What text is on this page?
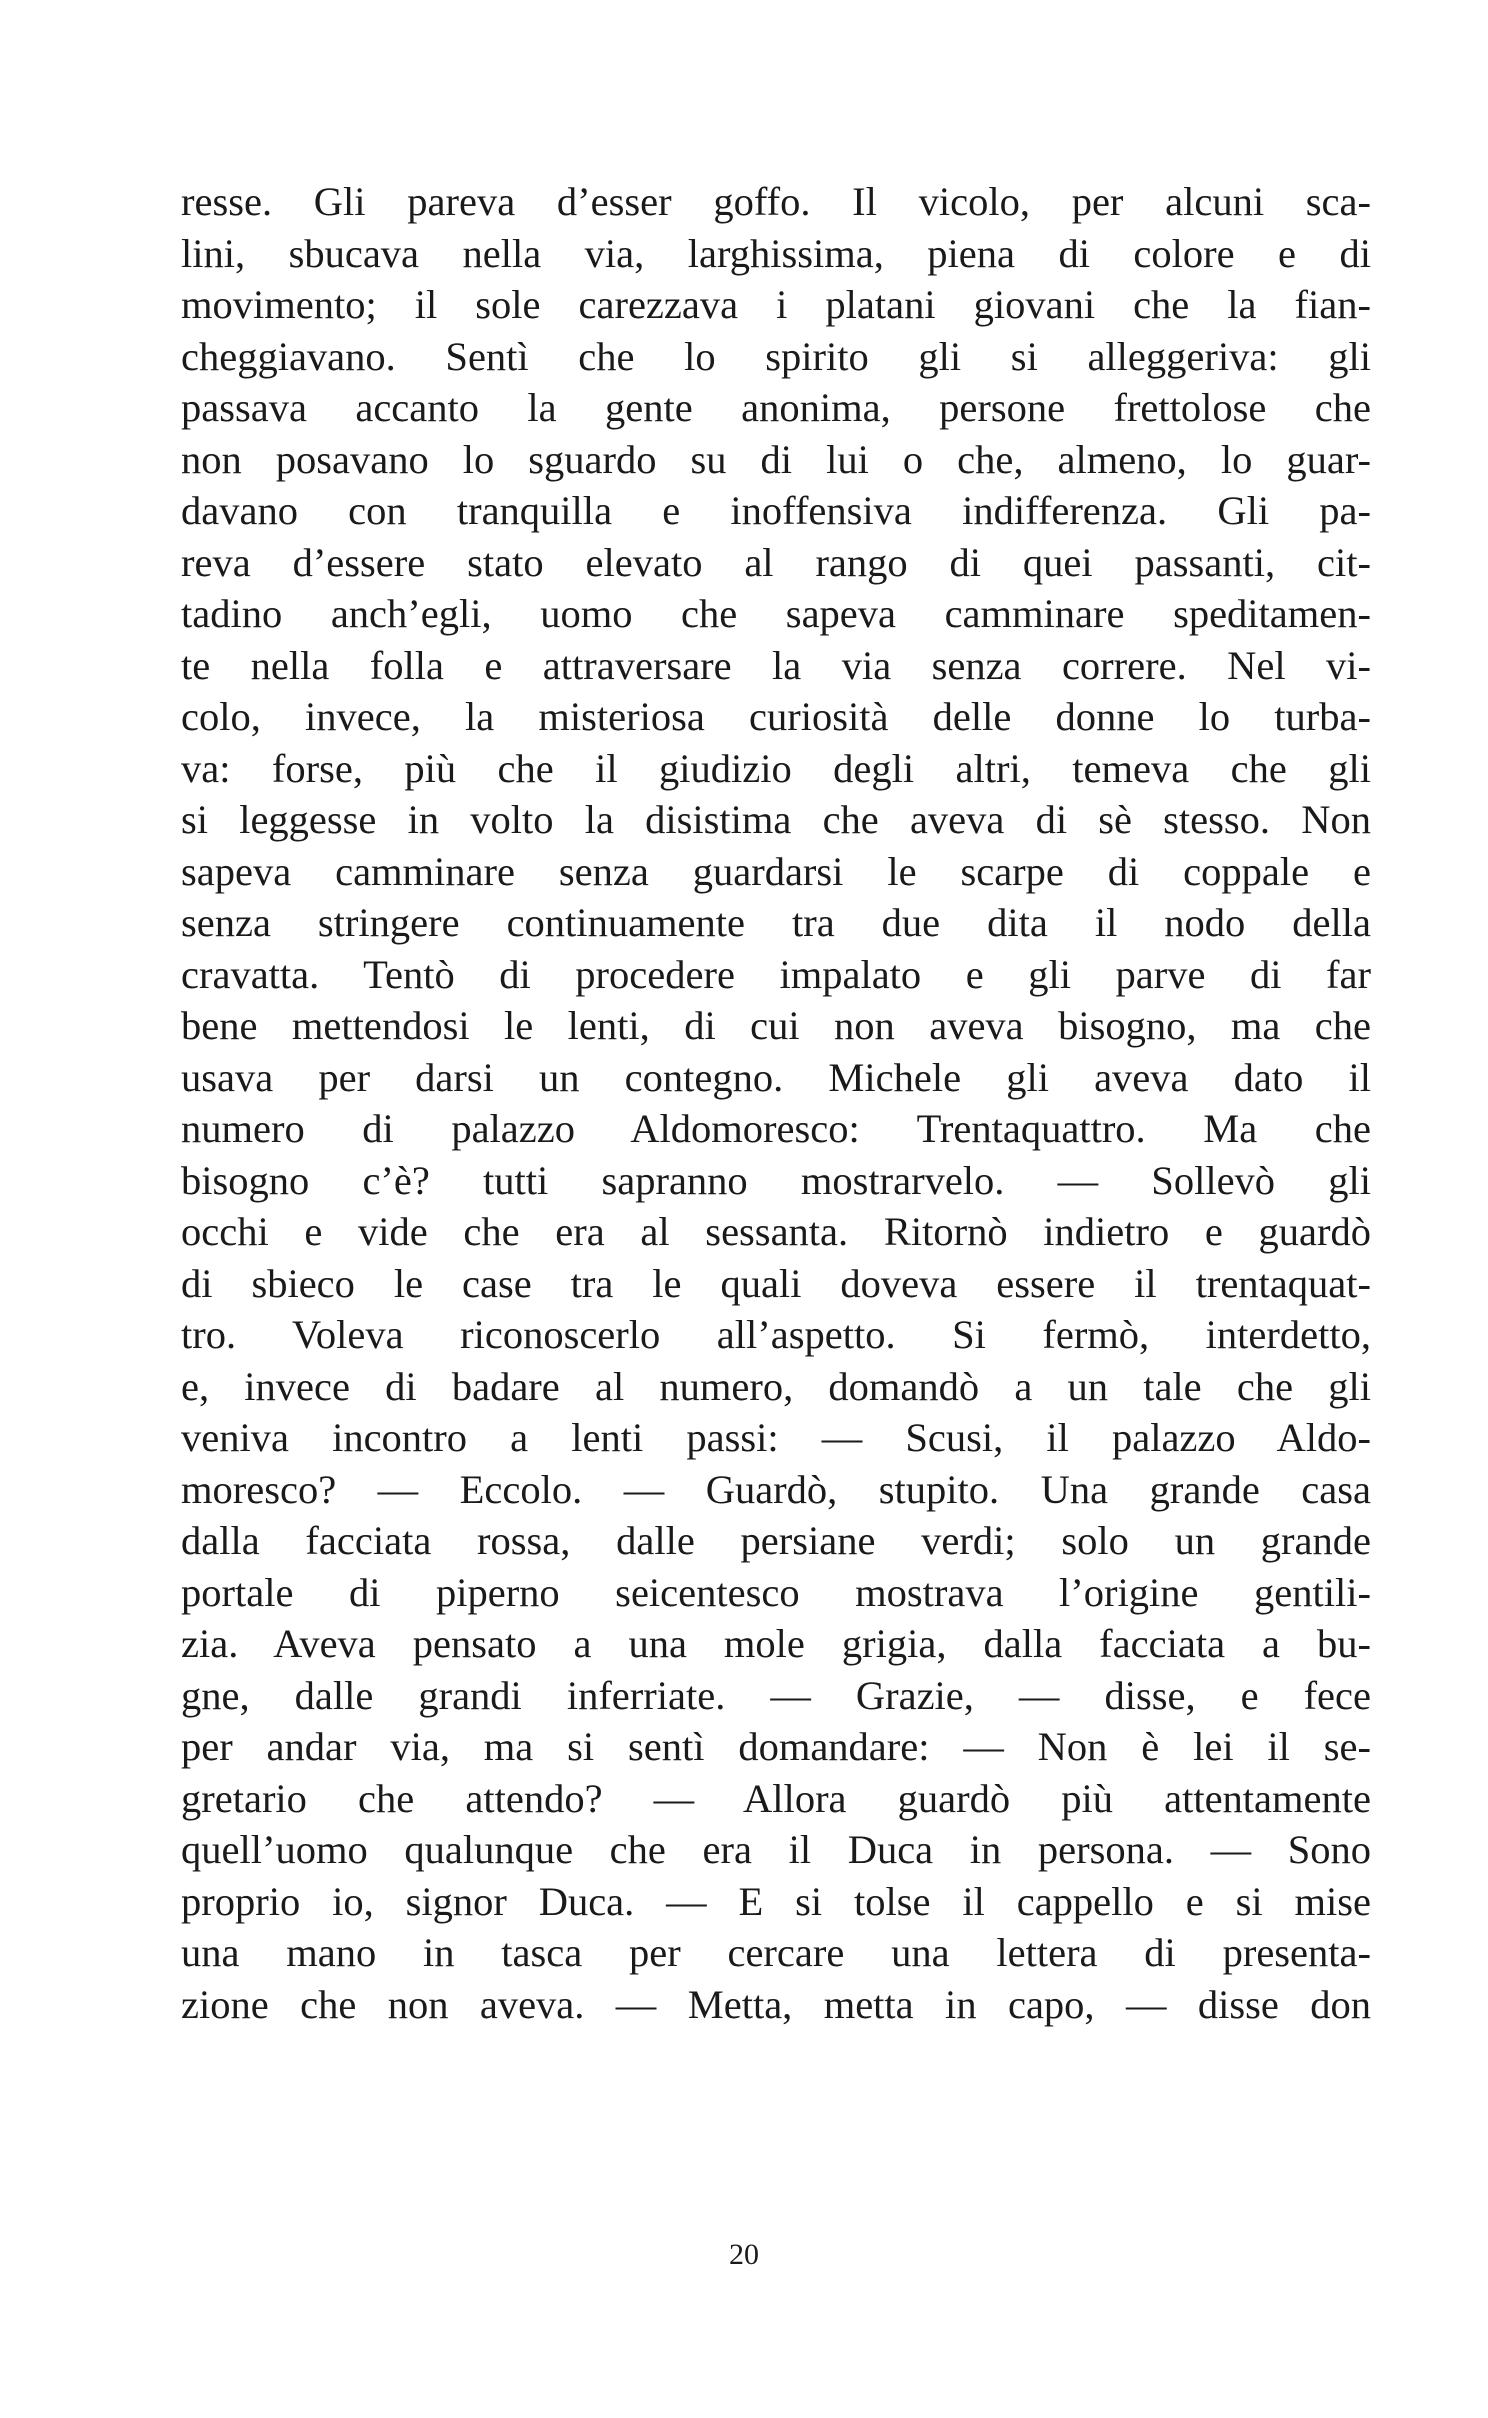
resse. Gli pareva d’esser goffo. Il vicolo, per alcuni sca-
lini, sbucava nella via, larghissima, piena di colore e di
movimento; il sole carezzava i platani giovani che la fian-
cheggiavano. Sentì che lo spirito gli si alleggeriva: gli
passava accanto la gente anonima, persone frettolose che
non posavano lo sguardo su di lui o che, almeno, lo guar-
davano con tranquilla e inoffensiva indifferenza. Gli pa-
reva d’essere stato elevato al rango di quei passanti, cit-
tadino anch’egli, uomo che sapeva camminare speditamen-
te nella folla e attraversare la via senza correre. Nel vi-
colo, invece, la misteriosa curiosità delle donne lo turba-
va: forse, più che il giudizio degli altri, temeva che gli
si leggesse in volto la disistima che aveva di sè stesso. Non
sapeva camminare senza guardarsi le scarpe di coppale e
senza stringere continuamente tra due dita il nodo della
cravatta. Tentò di procedere impalato e gli parve di far
bene mettendosi le lenti, di cui non aveva bisogno, ma che
usava per darsi un contegno. Michele gli aveva dato il
numero di palazzo Aldomoresco: Trentaquattro. Ma che
bisogno c’è? tutti sapranno mostrarvelo. — Sollevò gli
occhi e vide che era al sessanta. Ritornò indietro e guardò
di sbieco le case tra le quali doveva essere il trentaquat-
tro. Voleva riconoscerlo all’aspetto. Si fermò, interdetto,
e, invece di badare al numero, domandò a un tale che gli
veniva incontro a lenti passi: — Scusi, il palazzo Aldo-
moresco? — Eccolo. — Guardò, stupito. Una grande casa
dalla facciata rossa, dalle persiane verdi; solo un grande
portale di piperno seicentesco mostrava l’origine gentili-
zia. Aveva pensato a una mole grigia, dalla facciata a bu-
gne, dalle grandi inferriate. — Grazie, — disse, e fece
per andar via, ma si sentì domandare: — Non è lei il se-
gretario che attendo? — Allora guardò più attentamente
quell’uomo qualunque che era il Duca in persona. — Sono
proprio io, signor Duca. — E si tolse il cappello e si mise
una mano in tasca per cercare una lettera di presenta-
zione che non aveva. — Metta, metta in capo, — disse don
20
